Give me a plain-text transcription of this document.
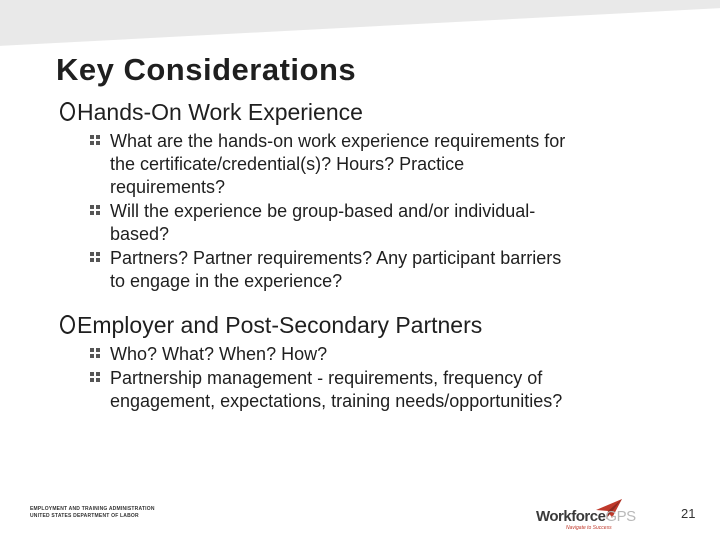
Key Considerations

Hands-On Work Experience

What are the hands-on work experience requirements for
the certificate/credential(s)? Hours? Practice
requirements?
Will the experience be group-based and/or individual-
based?
Partners? Partner requirements? Any participant barriers
to engage in the experience?

Employer and Post-Secondary Partners

Who? What? When? How?
Partnership management - requirements, frequency of
engagement, expectations, training needs/opportunities?
EMPLOYMENT AND TRAINING ADMINISTRATION
UNITED STATES DEPARTMENT OF LABOR	WorkforceGPS
Navigate to Success
21
